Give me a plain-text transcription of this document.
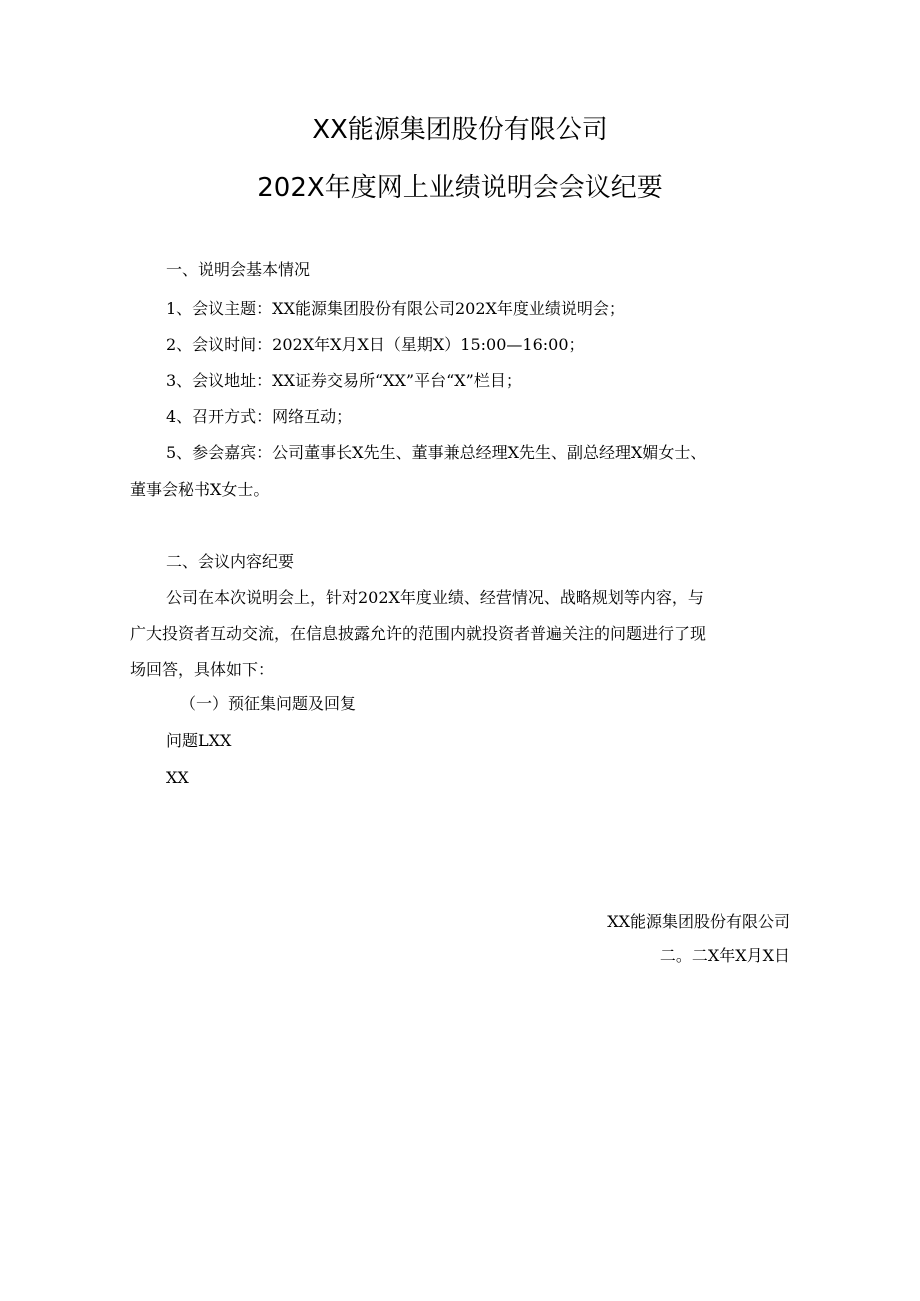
XX能源集团股份有限公司
202X年度网上业绩说明会会议纪要
一、说明会基本情况
1、会议主题：XX能源集团股份有限公司202X年度业绩说明会；
2、会议时间：202X年X月X日（星期X）15:00—16:00；
3、会议地址：XX证券交易所“XX”平台“X”栏目；
4、召开方式：网络互动；
5、参会嘉宾：公司董事长X先生、董事兼总经理X先生、副总经理X媚女士、
董事会秘书X女士。
二、会议内容纪要
公司在本次说明会上，针对202X年度业绩、经营情况、战略规划等内容，与
广大投资者互动交流，在信息披露允许的范围内就投资者普遍关注的问题进行了现
场回答，具体如下：
（一）预征集问题及回复
问题LXX
XX
XX能源集团股份有限公司
二。二X年X月X日
